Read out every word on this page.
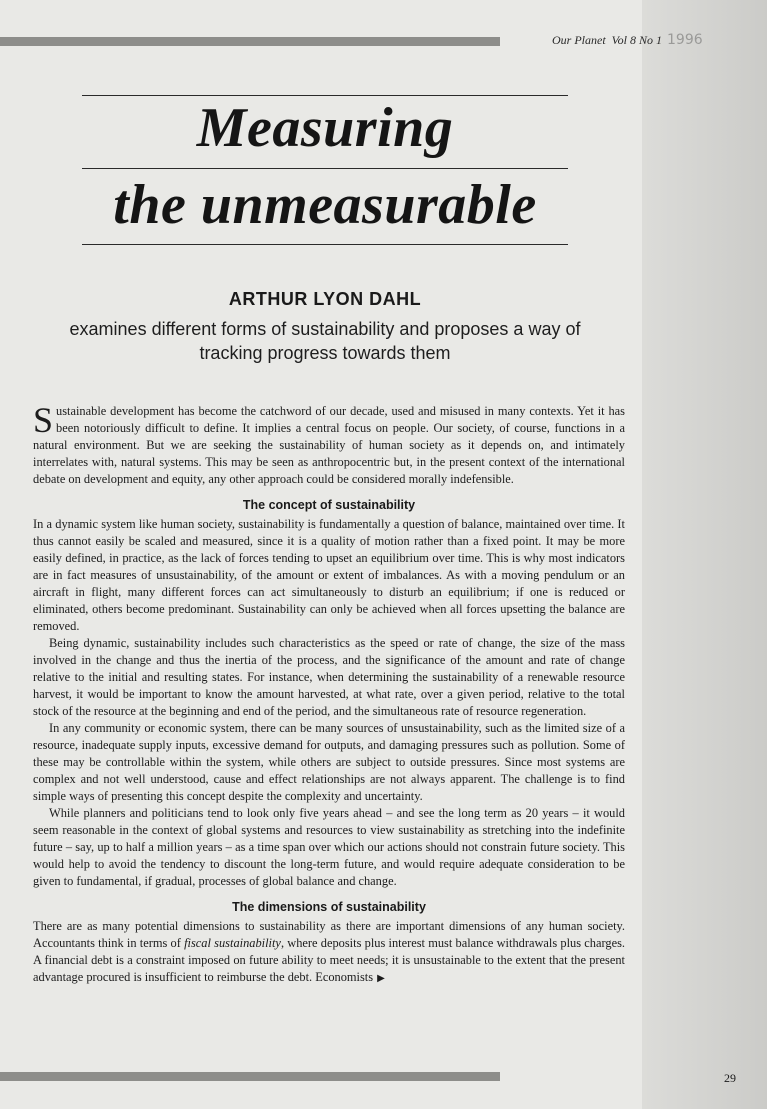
Our Planet Vol 8 No 1 1996
Measuring
the unmeasurable
ARTHUR LYON DAHL
examines different forms of sustainability and proposes a way of tracking progress towards them

Sustainable development has become the catchword of our decade, used and misused in many contexts. Yet it has been notoriously difficult to define. It implies a central focus on people. Our society, of course, functions in a natural environment. But we are seeking the sustainability of human society as it depends on, and intimately interrelates with, natural systems. This may be seen as anthropocentric but, in the present context of the international debate on development and equity, any other approach could be considered morally indefensible.

The concept of sustainability

In a dynamic system like human society, sustainability is fundamentally a question of balance, maintained over time. It thus cannot easily be scaled and measured, since it is a quality of motion rather than a fixed point. It may be more easily defined, in practice, as the lack of forces tending to upset an equilibrium over time. This is why most indicators are in fact measures of unsustainability, of the amount or extent of imbalances. As with a moving pendulum or an aircraft in flight, many different forces can act simultaneously to disturb an equilibrium; if one is reduced or eliminated, others become predominant. Sustainability can only be achieved when all forces upsetting the balance are removed.

Being dynamic, sustainability includes such characteristics as the speed or rate of change, the size of the mass involved in the change and thus the inertia of the process, and the significance of the amount and rate of change relative to the initial and resulting states. For instance, when determining the sustainability of a renewable resource harvest, it would be important to know the amount harvested, at what rate, over a given period, relative to the total stock of the resource at the beginning and end of the period, and the simultaneous rate of resource regeneration.

In any community or economic system, there can be many sources of unsustainability, such as the limited size of a resource, inadequate supply inputs, excessive demand for outputs, and damaging pressures such as pollution. Some of these may be controllable within the system, while others are subject to outside pressures. Since most systems are complex and not well understood, cause and effect relationships are not always apparent. The challenge is to find simple ways of presenting this concept despite the complexity and uncertainty.

While planners and politicians tend to look only five years ahead – and see the long term as 20 years – it would seem reasonable in the context of global systems and resources to view sustainability as stretching into the indefinite future – say, up to half a million years – as a time span over which our actions should not constrain future society. This would help to avoid the tendency to discount the long-term future, and would require adequate consideration to be given to fundamental, if gradual, processes of global balance and change.

The dimensions of sustainability

There are as many potential dimensions to sustainability as there are important dimensions of any human society. Accountants think in terms of fiscal sustainability, where deposits plus interest must balance withdrawals plus charges. A financial debt is a constraint imposed on future ability to meet needs; it is unsustainable to the extent that the present advantage procured is insufficient to reimburse the debt. Economists ▶

29
